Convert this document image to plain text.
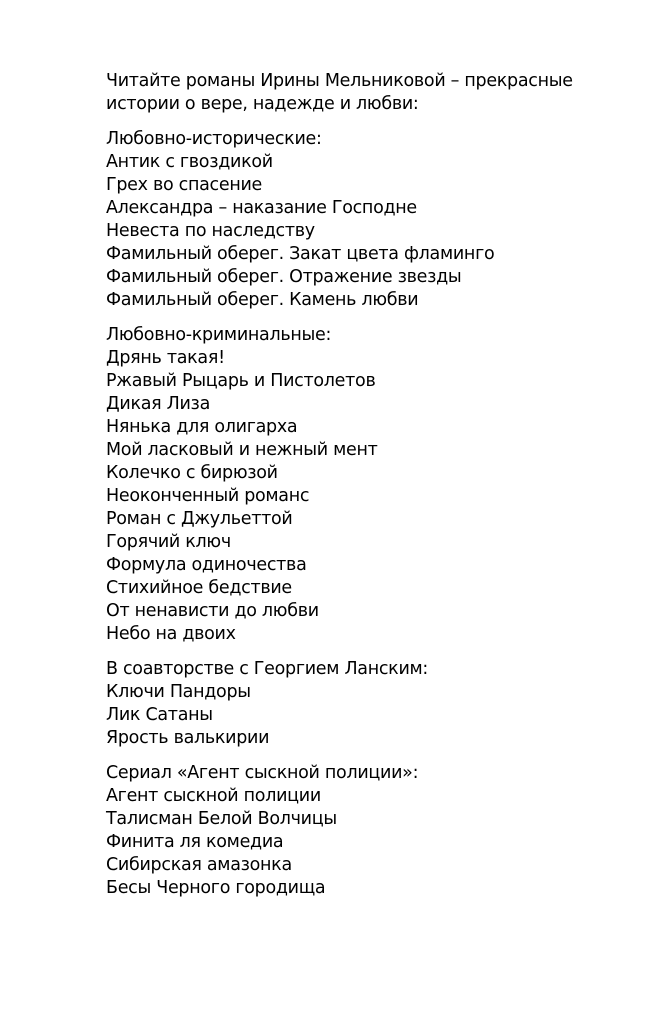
Читайте романы Ирины Мельниковой – прекрасные
истории о вере, надежде и любви:
Любовно-исторические:
Антик с гвоздикой
Грех во спасение
Александра – наказание Господне
Невеста по наследству
Фамильный оберег. Закат цвета фламинго
Фамильный оберег. Отражение звезды
Фамильный оберег. Камень любви
Любовно-криминальные:
Дрянь такая!
Ржавый Рыцарь и Пистолетов
Дикая Лиза
Нянька для олигарха
Мой ласковый и нежный мент
Колечко с бирюзой
Неоконченный романс
Роман с Джульеттой
Горячий ключ
Формула одиночества
Стихийное бедствие
От ненависти до любви
Небо на двоих
В соавторстве с Георгием Ланским:
Ключи Пандоры
Лик Сатаны
Ярость валькирии
Сериал «Агент сыскной полиции»:
Агент сыскной полиции
Талисман Белой Волчицы
Финита ля комедиа
Сибирская амазонка
Бесы Черного городища
